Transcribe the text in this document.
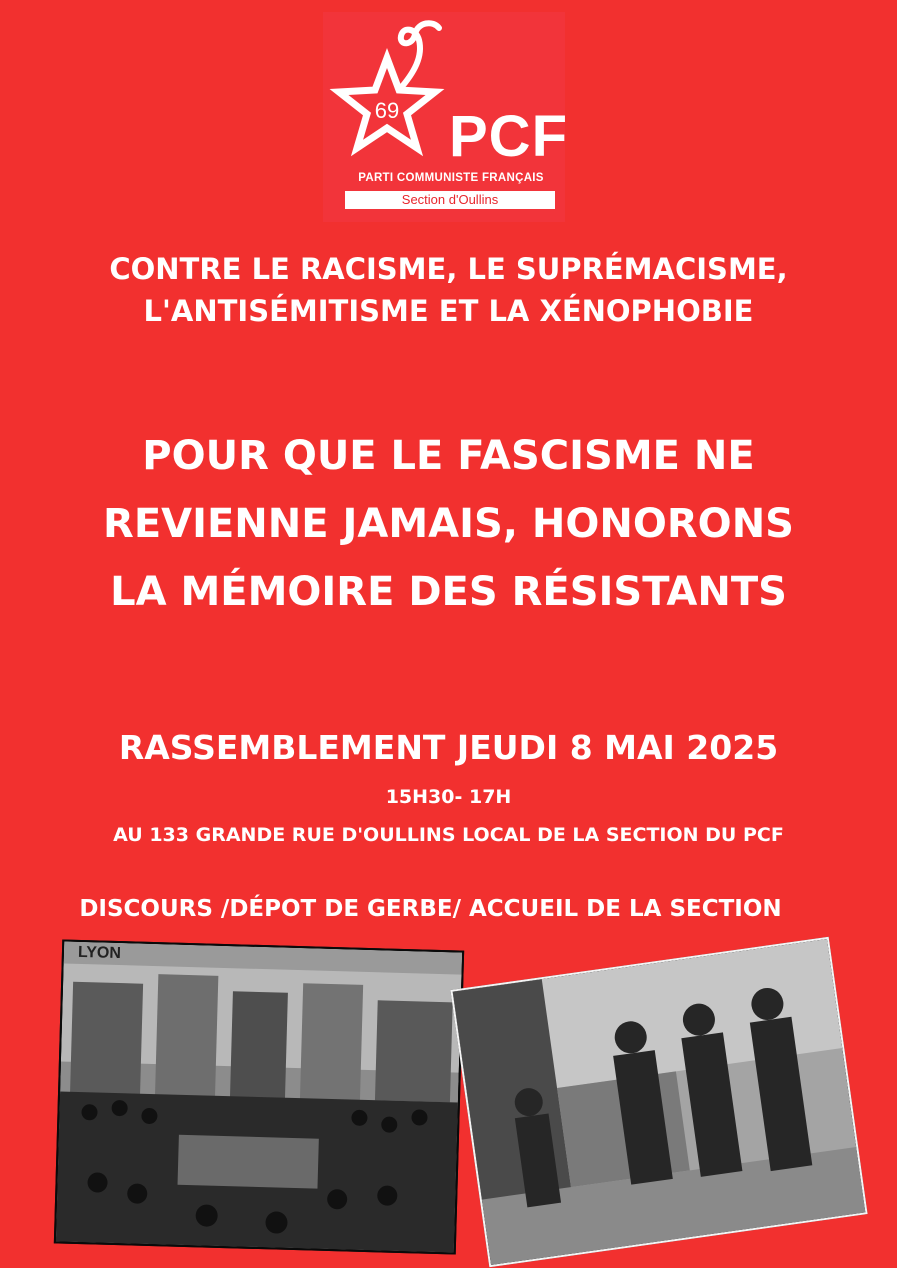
69 PCF
PARTI COMMUNISTE FRANÇAIS
Section d'Oullins
CONTRE LE RACISME, LE SUPRÉMACISME,
L'ANTISÉMITISME ET LA XÉNOPHOBIE
POUR QUE LE FASCISME NE
REVIENNE JAMAIS, HONORONS
LA MÉMOIRE DES RÉSISTANTS
RASSEMBLEMENT JEUDI 8 MAI 2025
15H30- 17H
AU 133 GRANDE RUE D'OULLINS LOCAL DE LA SECTION DU PCF
DISCOURS /DÉPOT DE GERBE/ ACCUEIL DE LA SECTION
LYON
